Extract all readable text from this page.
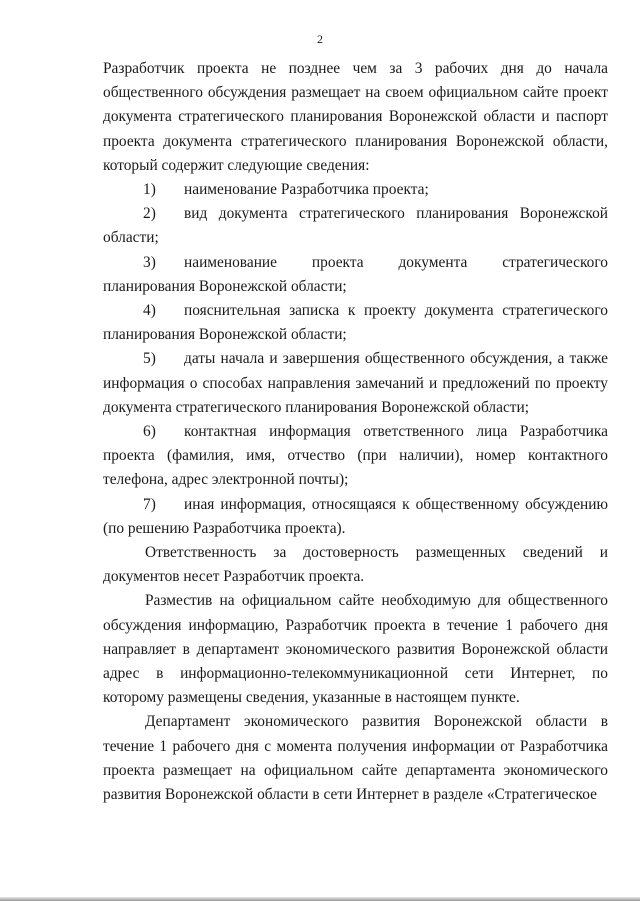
2

Разработчик проекта не позднее чем за 3 рабочих дня до начала общественного обсуждения размещает на своем официальном сайте проект документа стратегического планирования Воронежской области и паспорт проекта документа стратегического планирования Воронежской области, который содержит следующие сведения:

1) наименование Разработчика проекта;

2) вид документа стратегического планирования Воронежской области;

3) наименование проекта документа стратегического планирования Воронежской области;

4) пояснительная записка к проекту документа стратегического планирования Воронежской области;

5) даты начала и завершения общественного обсуждения, а также информация о способах направления замечаний и предложений по проекту документа стратегического планирования Воронежской области;

6) контактная информация ответственного лица Разработчика проекта (фамилия, имя, отчество (при наличии), номер контактного телефона, адрес электронной почты);

7) иная информация, относящаяся к общественному обсуждению (по решению Разработчика проекта).

Ответственность за достоверность размещенных сведений и документов несет Разработчик проекта.

Разместив на официальном сайте необходимую для общественного обсуждения информацию, Разработчик проекта в течение 1 рабочего дня направляет в департамент экономического развития Воронежской области адрес в информационно-телекоммуникационной сети Интернет, по которому размещены сведения, указанные в настоящем пункте.

Департамент экономического развития Воронежской области в течение 1 рабочего дня с момента получения информации от Разработчика проекта размещает на официальном сайте департамента экономического развития Воронежской области в сети Интернет в разделе «Стратегическое
